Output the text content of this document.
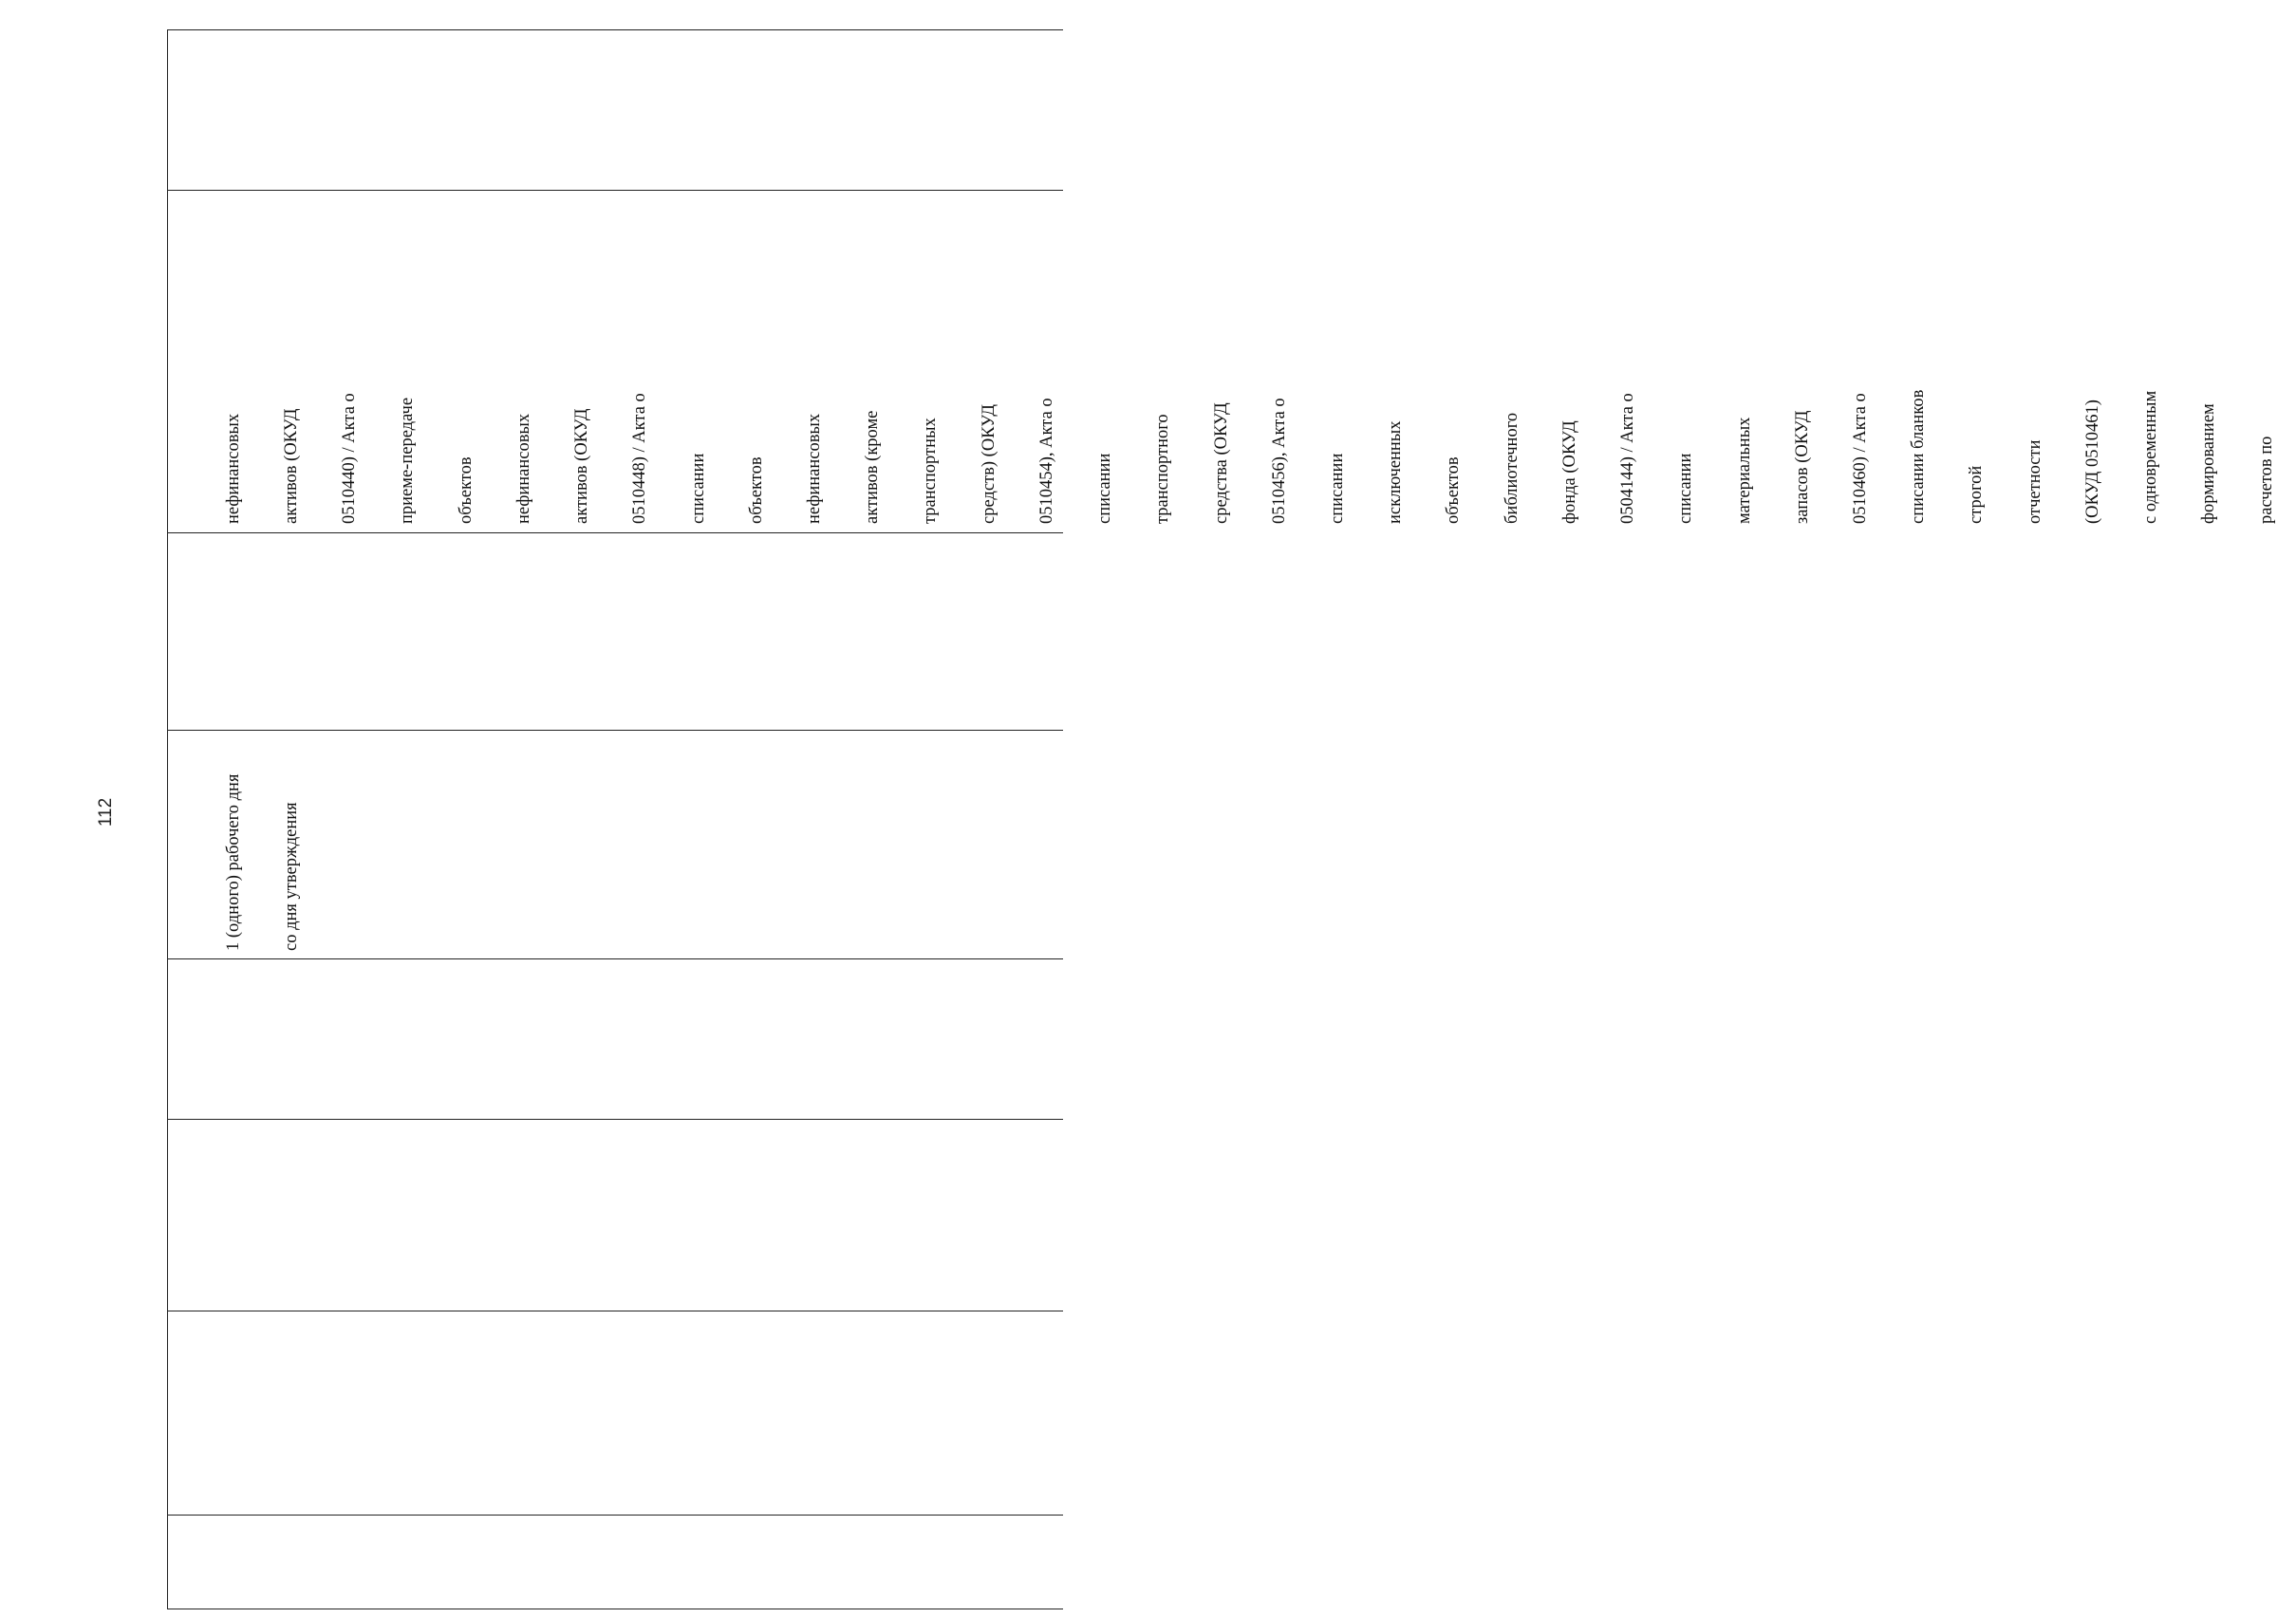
112

нефинансовых

активов (ОКУД

0510440) / Акта о

приеме-передаче

объектов

нефинансовых

активов (ОКУД

0510448) / Акта о

списании

объектов

нефинансовых

активов (кроме

транспортных

средств) (ОКУД

0510454), Акта о

списании

транспортного

средства (ОКУД

0510456), Акта о

списании

исключенных

объектов

библиотечного

фонда (ОКУД

0504144) / Акта о

списании

материальных

запасов (ОКУД

0510460) / Акта о

списании бланков

строгой

отчетности

(ОКУД 0510461)

с одновременным

формированием

расчетов по

1 (одного) рабочего дня

со дня утверждения
